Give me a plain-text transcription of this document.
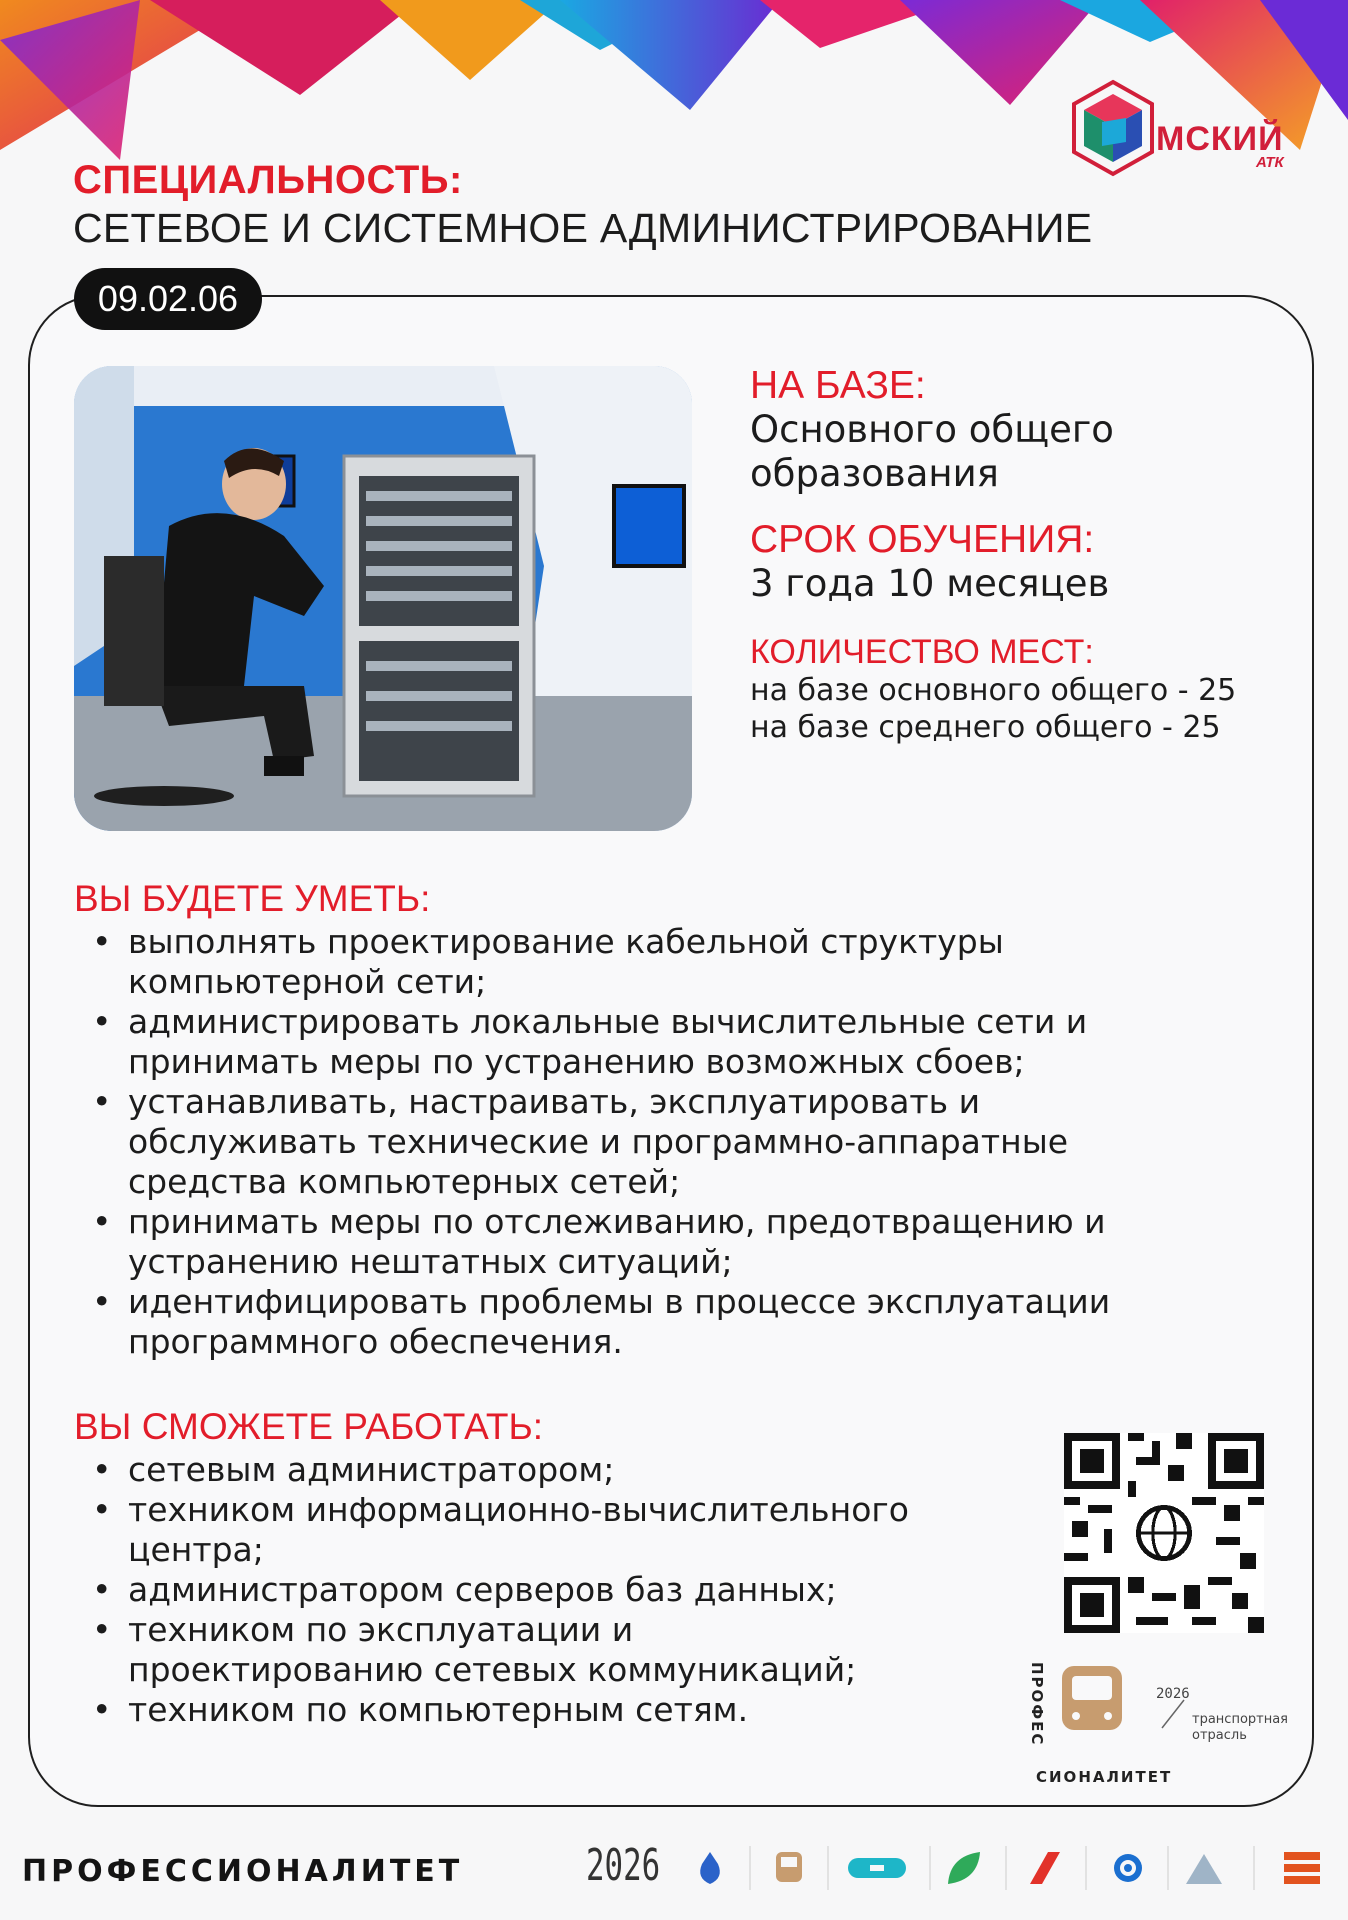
МСКИЙ
АТК
СПЕЦИАЛЬНОСТЬ:
СЕТЕВОЕ И СИСТЕМНОЕ АДМИНИСТРИРОВАНИЕ
09.02.06
НА БАЗЕ:
Основного общего образования
СРОК ОБУЧЕНИЯ:
3 года 10 месяцев
КОЛИЧЕСТВО МЕСТ:
на базе основного общего - 25
на базе среднего общего - 25
ВЫ БУДЕТЕ УМЕТЬ:
• выполнять проектирование кабельной структуры
компьютерной сети;
• администрировать локальные вычислительные сети и
принимать меры по устранению возможных сбоев;
• устанавливать, настраивать, эксплуатировать и
обслуживать технические и программно-аппаратные
средства компьютерных сетей;
• принимать меры по отслеживанию, предотвращению и
устранению нештатных ситуаций;
• идентифицировать проблемы в процессе эксплуатации
программного обеспечения.
ВЫ СМОЖЕТЕ РАБОТАТЬ:
• сетевым администратором;
• техником информационно-вычислительного
центра;
• администратором серверов баз данных;
• техником по эксплуатации и
проектированию сетевых коммуникаций;
• техником по компьютерным сетям.	ПРОФЕС
СИОНАЛИТЕТ
2026
транспортная отрасль
ПРОФЕССИОНАЛИТЕТ	2026
